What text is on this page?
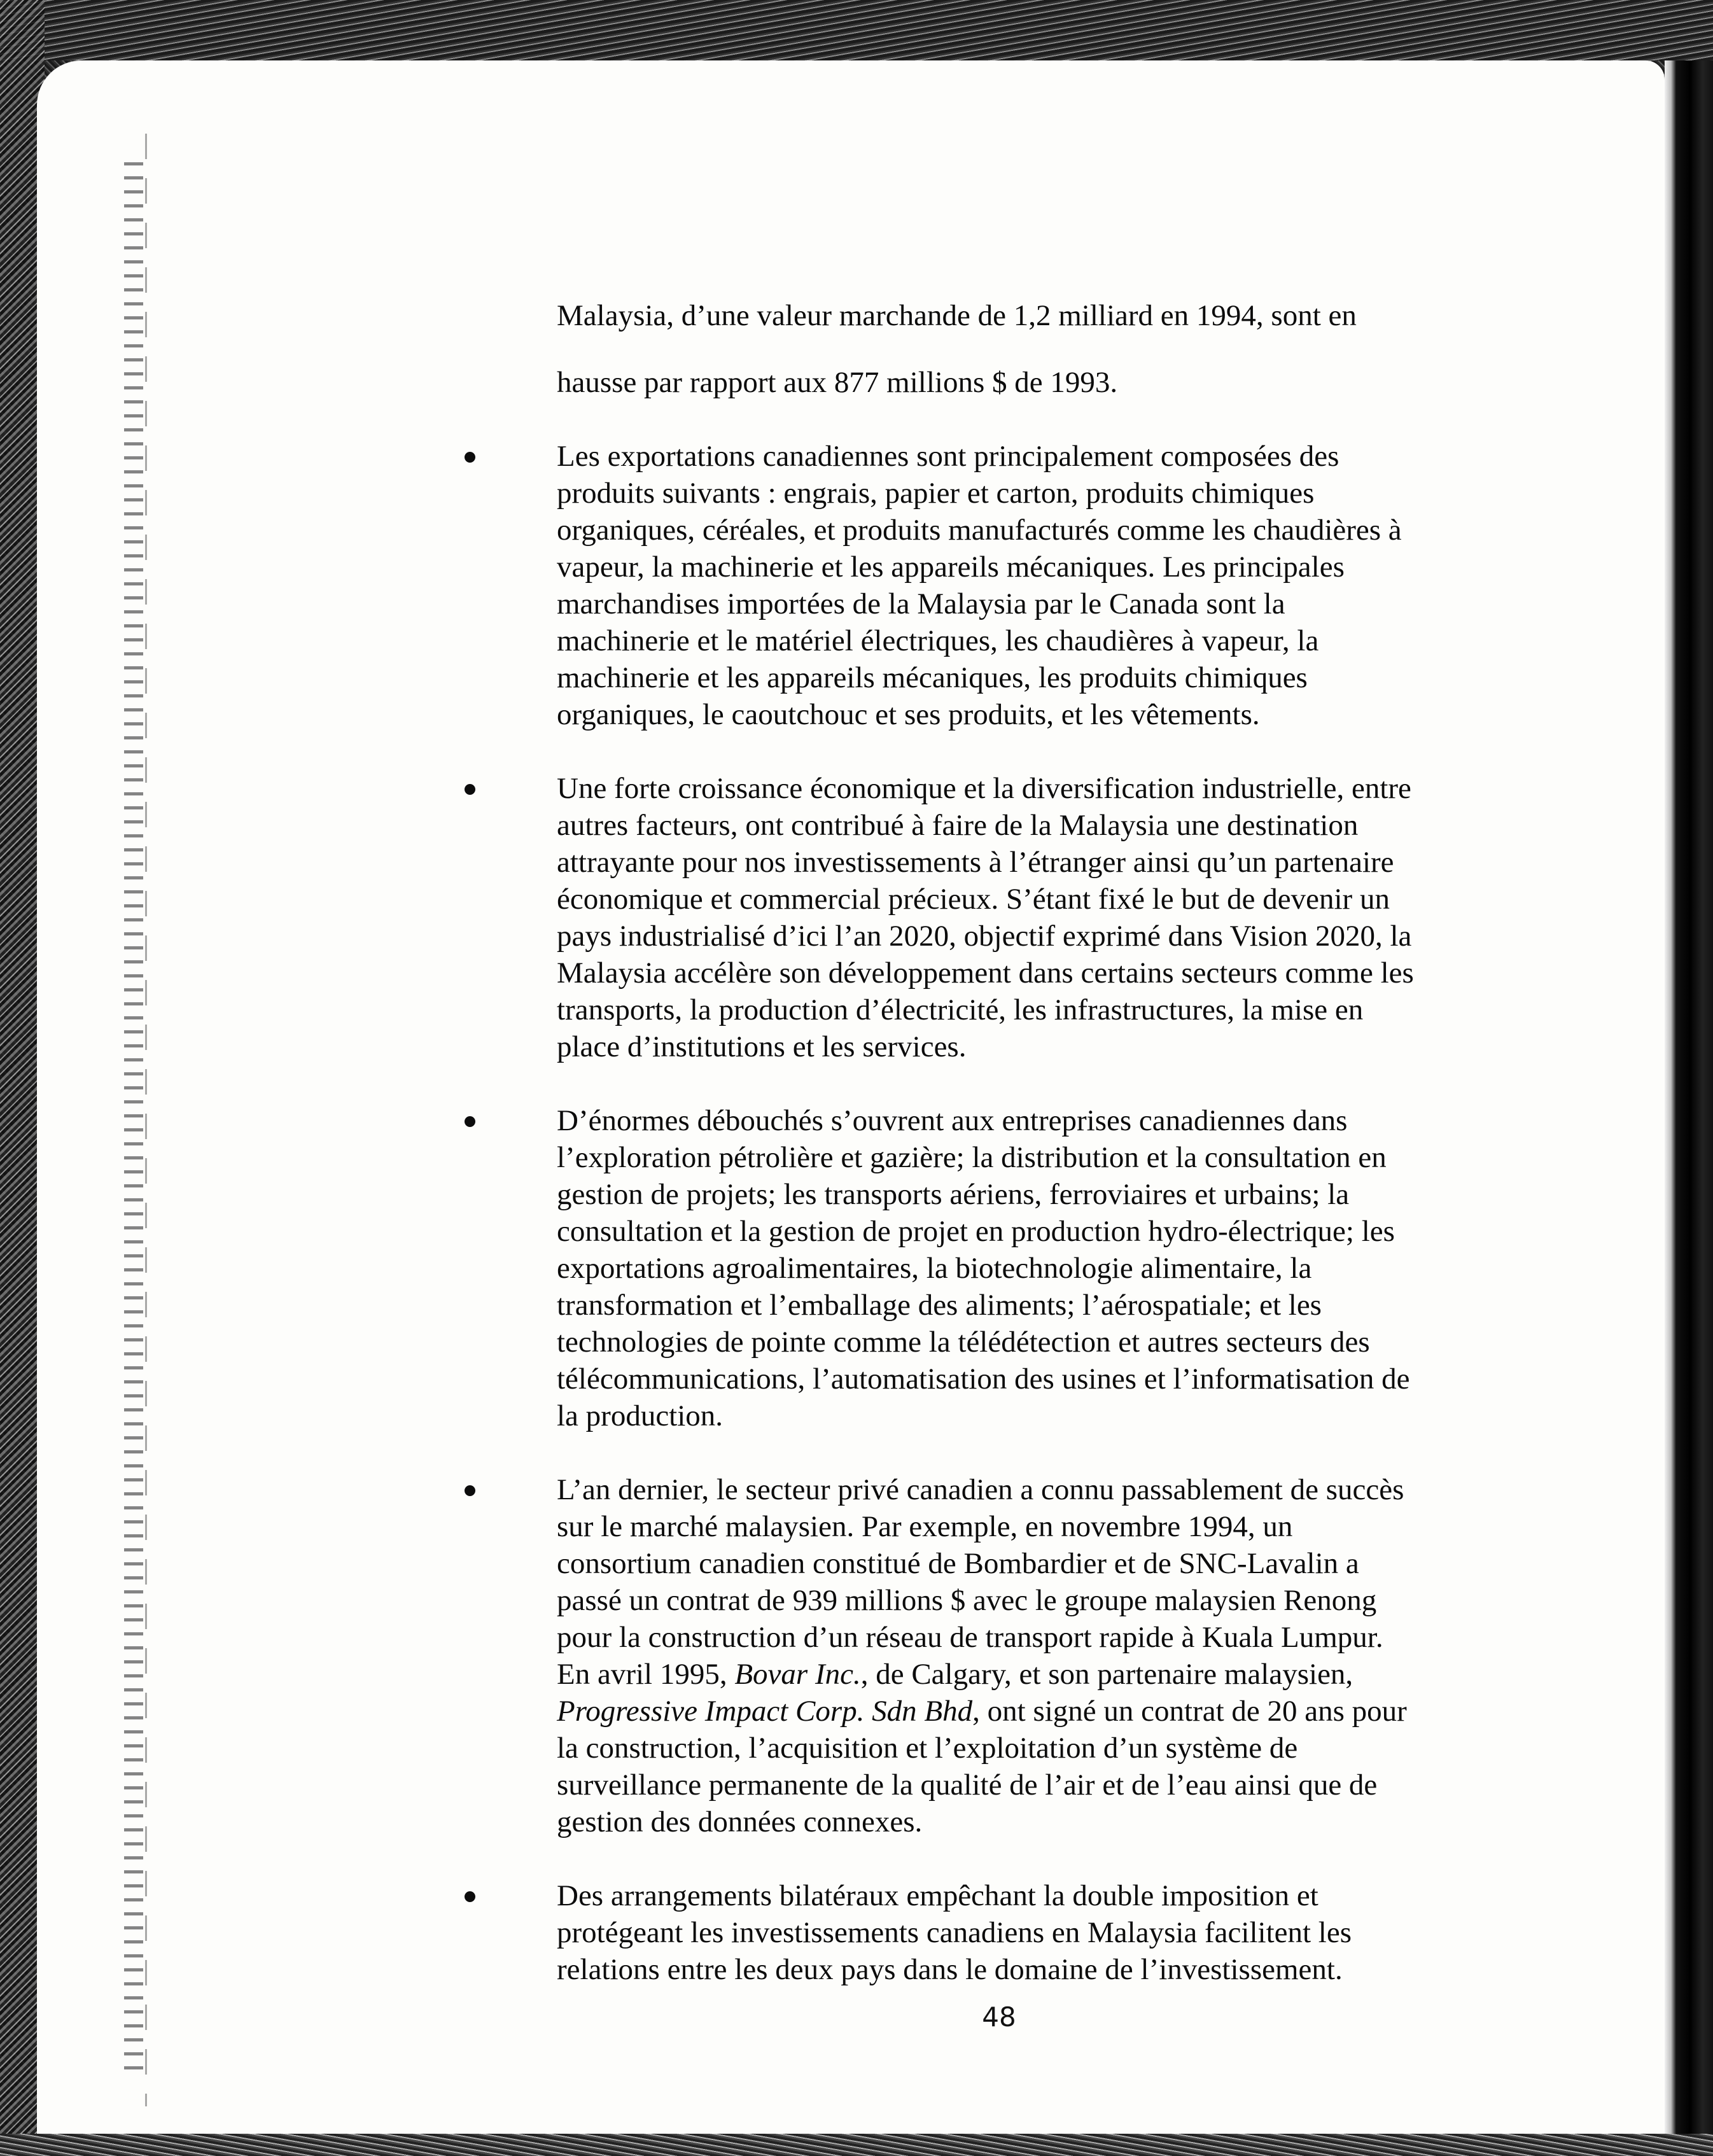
Malaysia, d’une valeur marchande de 1,2 milliard en 1994, sont en

hausse par rapport aux 877 millions $ de 1993.

Les exportations canadiennes sont principalement composées des

produits suivants : engrais, papier et carton, produits chimiques

organiques, céréales, et produits manufacturés comme les chaudières à

vapeur, la machinerie et les appareils mécaniques. Les principales

marchandises importées de la Malaysia par le Canada sont la

machinerie et le matériel électriques, les chaudières à vapeur, la

machinerie et les appareils mécaniques, les produits chimiques

organiques, le caoutchouc et ses produits, et les vêtements.

Une forte croissance économique et la diversification industrielle, entre

autres facteurs, ont contribué à faire de la Malaysia une destination

attrayante pour nos investissements à l’étranger ainsi qu’un partenaire

économique et commercial précieux. S’étant fixé le but de devenir un

pays industrialisé d’ici l’an 2020, objectif exprimé dans Vision 2020, la

Malaysia accélère son développement dans certains secteurs comme les

transports, la production d’électricité, les infrastructures, la mise en

place d’institutions et les services.

D’énormes débouchés s’ouvrent aux entreprises canadiennes dans

l’exploration pétrolière et gazière; la distribution et la consultation en

gestion de projets; les transports aériens, ferroviaires et urbains; la

consultation et la gestion de projet en production hydro-électrique; les

exportations agroalimentaires, la biotechnologie alimentaire, la

transformation et l’emballage des aliments; l’aérospatiale; et les

technologies de pointe comme la télédétection et autres secteurs des

télécommunications, l’automatisation des usines et l’informatisation de

la production.

L’an dernier, le secteur privé canadien a connu passablement de succès

sur le marché malaysien. Par exemple, en novembre 1994, un

consortium canadien constitué de Bombardier et de SNC-Lavalin a

passé un contrat de 939 millions $ avec le groupe malaysien Renong

pour la construction d’un réseau de transport rapide à Kuala Lumpur.

En avril 1995, Bovar Inc., de Calgary, et son partenaire malaysien,

Progressive Impact Corp. Sdn Bhd, ont signé un contrat de 20 ans pour

la construction, l’acquisition et l’exploitation d’un système de

surveillance permanente de la qualité de l’air et de l’eau ainsi que de

gestion des données connexes.

Des arrangements bilatéraux empêchant la double imposition et

protégeant les investissements canadiens en Malaysia facilitent les

relations entre les deux pays dans le domaine de l’investissement.

48
